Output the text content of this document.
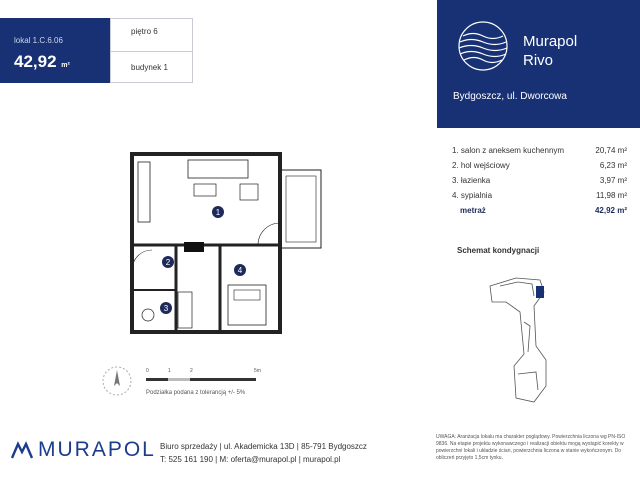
lokal 1.C.6.06
42,92 m²
piętro 6
budynek 1
Murapol
Rivo
Bydgoszcz, ul. Dworcowa
1. salon z aneksem kuchennym	20,74 m²
2. hol wejściowy	6,23 m²
3. łazienka	3,97 m²
4. sypialnia	11,98 m²
metraż	42,92 m²
1
2
4
3
0	1	2	5m
Podziałka podana z tolerancją +/- 5%
Schemat kondygnacji
MURAPOL Biuro sprzedaży | ul. Akademicka 13D | 85-791 Bydgoszcz
T: 525 161 190 | M: oferta@murapol.pl | murapol.pl
UWAGA: Aranżacja lokalu ma charakter poglądowy. Powierzchnia liczona wg PN-ISO 9836. Na etapie projektu wykonawczego i realizacji obiektu mogą wystąpić korekty w powierzchni lokali i układzie ścian, powierzchnia liczona w stanie wykończonym. Do obliczeń przyjęto 1,5cm tynku.
